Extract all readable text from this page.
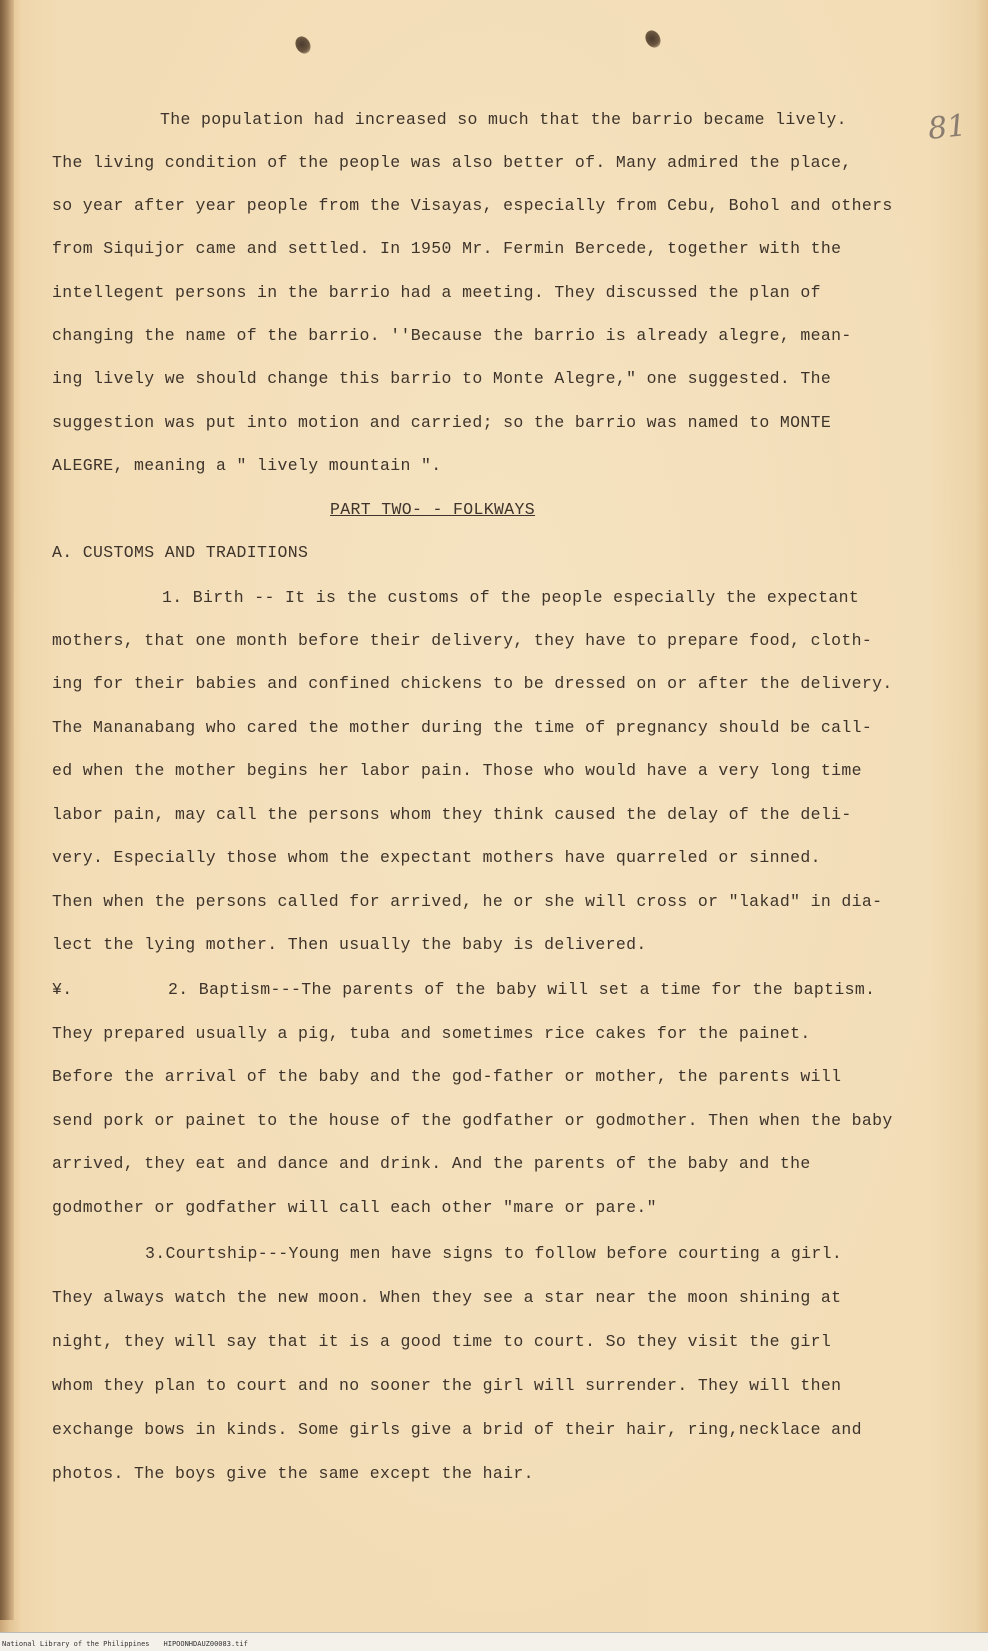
81
The population had increased so much that the barrio became lively.
The living condition of the people was also better of. Many admired the place,
so year after year people from the Visayas, especially from Cebu, Bohol and others
from Siquijor came and settled. In 1950 Mr. Fermin Bercede, together with the
intellegent persons in the barrio had a meeting. They discussed the plan of
changing the name of the barrio. ''Because the barrio is already alegre, mean-
ing lively we should change this barrio to Monte Alegre," one suggested. The
suggestion was put into motion and carried; so the barrio was named to MONTE
ALEGRE, meaning a " lively mountain ".
PART TWO- - FOLKWAYS
A. CUSTOMS AND TRADITIONS
1. Birth -- It is the customs of the people especially the expectant
mothers, that one month before their delivery, they have to prepare food, cloth-
ing for their babies and confined chickens to be dressed on or after the delivery.
The Mananabang who cared the mother during the time of pregnancy should be call-
ed when the mother begins her labor pain. Those who would have a very long time
labor pain, may call the persons whom they think caused the delay of the deli-
very. Especially those whom the expectant mothers have quarreled or sinned.
Then when the persons called for arrived, he or she will cross or "lakad" in dia-
lect the lying mother. Then usually the baby is delivered.
¥.	2. Baptism---The parents of the baby will set a time for the baptism.
They prepared usually a pig, tuba and sometimes rice cakes for the painet.
Before the arrival of the baby and the god-father or mother, the parents will
send pork or painet to the house of the godfather or godmother. Then when the baby
arrived, they eat and dance and drink. And the parents of the baby and the
godmother or godfather will call each other "mare or pare."
3.Courtship---Young men have signs to follow before courting a girl.
They always watch the new moon. When they see a star near the moon shining at
night, they will say that it is a good time to court. So they visit the girl
whom they plan to court and no sooner the girl will surrender. They will then
exchange bows in kinds. Some girls give a brid of their hair, ring,necklace and
photos. The boys give the same except the hair.
National Library of the Philippines HIPOONHDAUZ00083.tif
